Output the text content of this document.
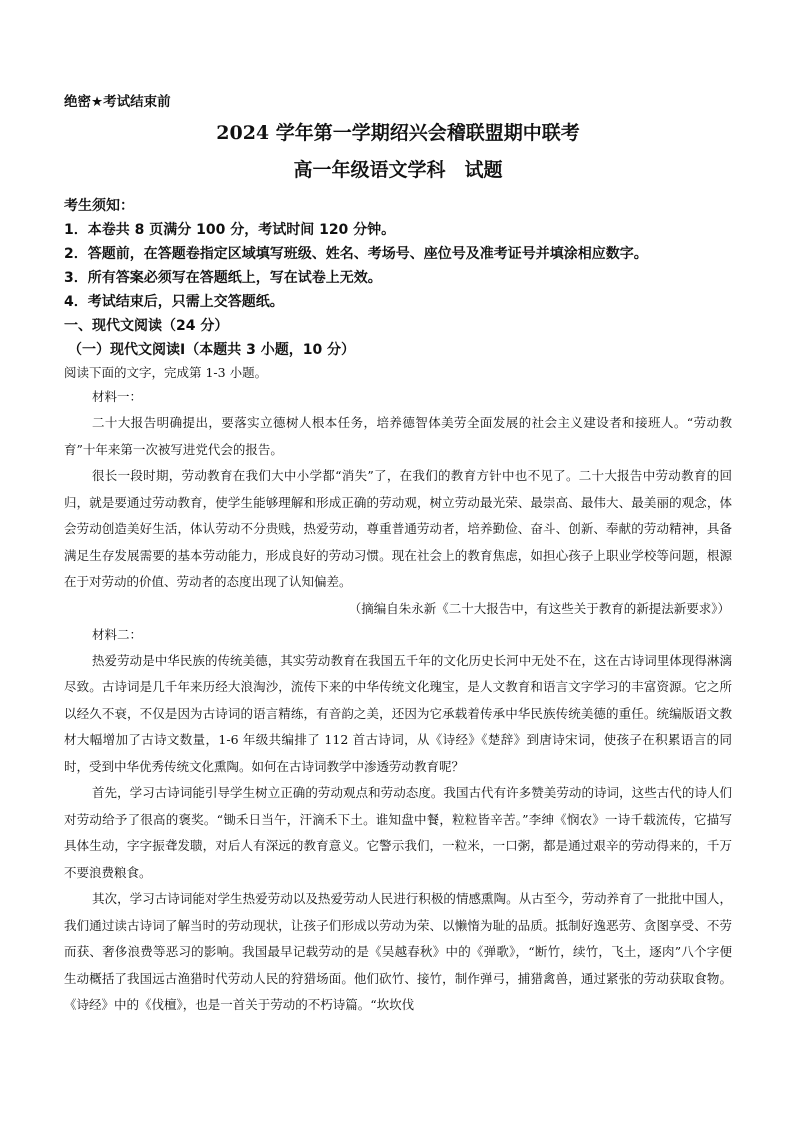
绝密★考试结束前
2024 学年第一学期绍兴会稽联盟期中联考
高一年级语文学科　试题
考生须知：
1．本卷共 8 页满分 100 分，考试时间 120 分钟。
2．答题前，在答题卷指定区域填写班级、姓名、考场号、座位号及准考证号并填涂相应数字。
3．所有答案必须写在答题纸上，写在试卷上无效。
4．考试结束后，只需上交答题纸。
一、现代文阅读（24 分）
（一）现代文阅读Ⅰ（本题共 3 小题，10 分）
阅读下面的文字，完成第 1-3 小题。
材料一：

二十大报告明确提出，要落实立德树人根本任务，培养德智体美劳全面发展的社会主义建设者和接班人。“劳动教育”十年来第一次被写进党代会的报告。

很长一段时期，劳动教育在我们大中小学都“消失”了，在我们的教育方针中也不见了。二十大报告中劳动教育的回归，就是要通过劳动教育，使学生能够理解和形成正确的劳动观，树立劳动最光荣、最崇高、最伟大、最美丽的观念，体会劳动创造美好生活，体认劳动不分贵贱，热爱劳动，尊重普通劳动者，培养勤俭、奋斗、创新、奉献的劳动精神，具备满足生存发展需要的基本劳动能力，形成良好的劳动习惯。现在社会上的教育焦虑，如担心孩子上职业学校等问题，根源在于对劳动的价值、劳动者的态度出现了认知偏差。

（摘编自朱永新《二十大报告中，有这些关于教育的新提法新要求》）
材料二：

热爱劳动是中华民族的传统美德，其实劳动教育在我国五千年的文化历史长河中无处不在，这在古诗词里体现得淋漓尽致。古诗词是几千年来历经大浪淘沙，流传下来的中华传统文化瑰宝，是人文教育和语言文字学习的丰富资源。它之所以经久不衰，不仅是因为古诗词的语言精练，有音韵之美，还因为它承载着传承中华民族传统美德的重任。统编版语文教材大幅增加了古诗文数量，1-6 年级共编排了 112 首古诗词，从《诗经》《楚辞》到唐诗宋词，使孩子在积累语言的同时，受到中华优秀传统文化熏陶。如何在古诗词教学中渗透劳动教育呢？

首先，学习古诗词能引导学生树立正确的劳动观点和劳动态度。我国古代有许多赞美劳动的诗词，这些古代的诗人们对劳动给予了很高的褒奖。“锄禾日当午，汗滴禾下土。谁知盘中餐，粒粒皆辛苦。”李绅《悯农》一诗千载流传，它描写具体生动，字字振聋发聩，对后人有深远的教育意义。它警示我们，一粒米，一口粥，都是通过艰辛的劳动得来的，千万不要浪费粮食。

其次，学习古诗词能对学生热爱劳动以及热爱劳动人民进行积极的情感熏陶。从古至今，劳动养育了一批批中国人，我们通过读古诗词了解当时的劳动现状，让孩子们形成以劳动为荣、以懒惰为耻的品质。抵制好逸恶劳、贪图享受、不劳而获、奢侈浪费等恶习的影响。我国最早记载劳动的是《吴越春秋》中的《弹歌》，“断竹，续竹，飞土，逐肉”八个字便生动概括了我国远古渔猎时代劳动人民的狩猎场面。他们砍竹、接竹，制作弹弓，捕猎禽兽，通过紧张的劳动获取食物。《诗经》中的《伐檀》，也是一首关于劳动的不朽诗篇。“坎坎伐
